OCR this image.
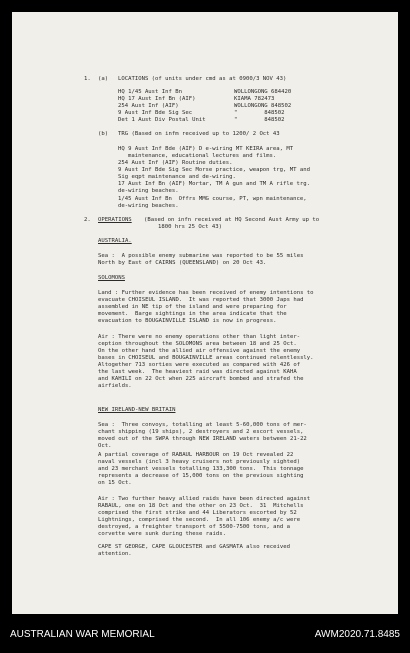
1. (a) LOCATIONS (of units under cmd as at 0900/3 NOV 43)
HQ 1/45 Aust Inf Bn	WOLLONGONG 684420
HQ 17 Aust Inf Bn (AIF)	KIAMA 782473
254 Aust Inf (AIF)	WOLLONGONG 848502
9 Aust Inf Bde Sig Sec	"        848502
Det 1 Aust Div Postal Unit	"        848502
(b) TRG (Based on infm received up to 1200/ 2 Oct 43
HQ 9 Aust Inf Bde (AIF) D e-wiring MT KEIRA area, MT
maintenance, educational lectures and films.
254 Aust Inf (AIF) Routine duties.
9 Aust Inf Bde Sig Sec Morse practice, weapon trg, MT and
Sig eqpt maintenance and de-wiring.
17 Aust Inf Bn (AIF) Mortar, TM A gun and TM A rifle trg.
de-wiring beaches.
1/45 Aust Inf Bn  Offrs MMG course, PT, wpn maintenance,
de-wiring beaches.
2. OPERATIONS (Based on infn received at HQ Second Aust Army up to
1800 hrs 25 Oct 43)
AUSTRALIA.
Sea :  A possible enemy submarine was reported to be 55 miles
North by East of CAIRNS (QUEENSLAND) on 20 Oct 43.
SOLOMONS
Land : Further evidence has been received of enemy intentions to
evacuate CHOISEUL ISLAND.  It was reported that 3000 Japs had
assembled in NE tip of the island and were preparing for
movement.  Barge sightings in the area indicate that the
evacuation to BOUGAINVILLE ISLAND is now in progress.
Air : There were no enemy operations other than light inter-
ception throughout the SOLOMONS area between 18 and 25 Oct.
On the other hand the allied air offensive against the enemy
bases in CHOISEUL and BOUGAINVILLE areas continued relentlessly.
Altogether 713 sorties were executed as compared with 426 of
the last week.  The heaviest raid was directed against KAHA
and KAHILI on 22 Oct when 225 aircraft bombed and strafed the
airfields.
NEW IRELAND-NEW BRITAIN
Sea :  Three convoys, totalling at least 5-60,000 tons of mer-
chant shipping (19 ships), 2 destroyers and 2 escort vessels,
moved out of the SWPA through NEW IRELAND waters between 21-22
Oct.
A partial coverage of RABAUL HARBOUR on 19 Oct revealed 22
naval vessels (incl 3 heavy cruisers not previously sighted)
and 23 merchant vessels totalling 133,300 tons.  This tonnage
represents a decrease of 15,000 tons on the previous sighting
on 15 Oct.
Air : Two further heavy allied raids have been directed against
RABAUL, one on 18 Oct and the other on 23 Oct.  31  Mitchells
comprised the first strike and 44 Liberators escorted by 52
Lightnings, comprised the second.  In all 106 enemy a/c were
destroyed, a freighter transport of 5500-7500 tons, and a
corvette were sunk during these raids.
CAPE ST GEORGE, CAPE GLOUCESTER and GASMATA also received
attention.
AUSTRALIAN WAR MEMORIAL	AWM2020.71.8485
